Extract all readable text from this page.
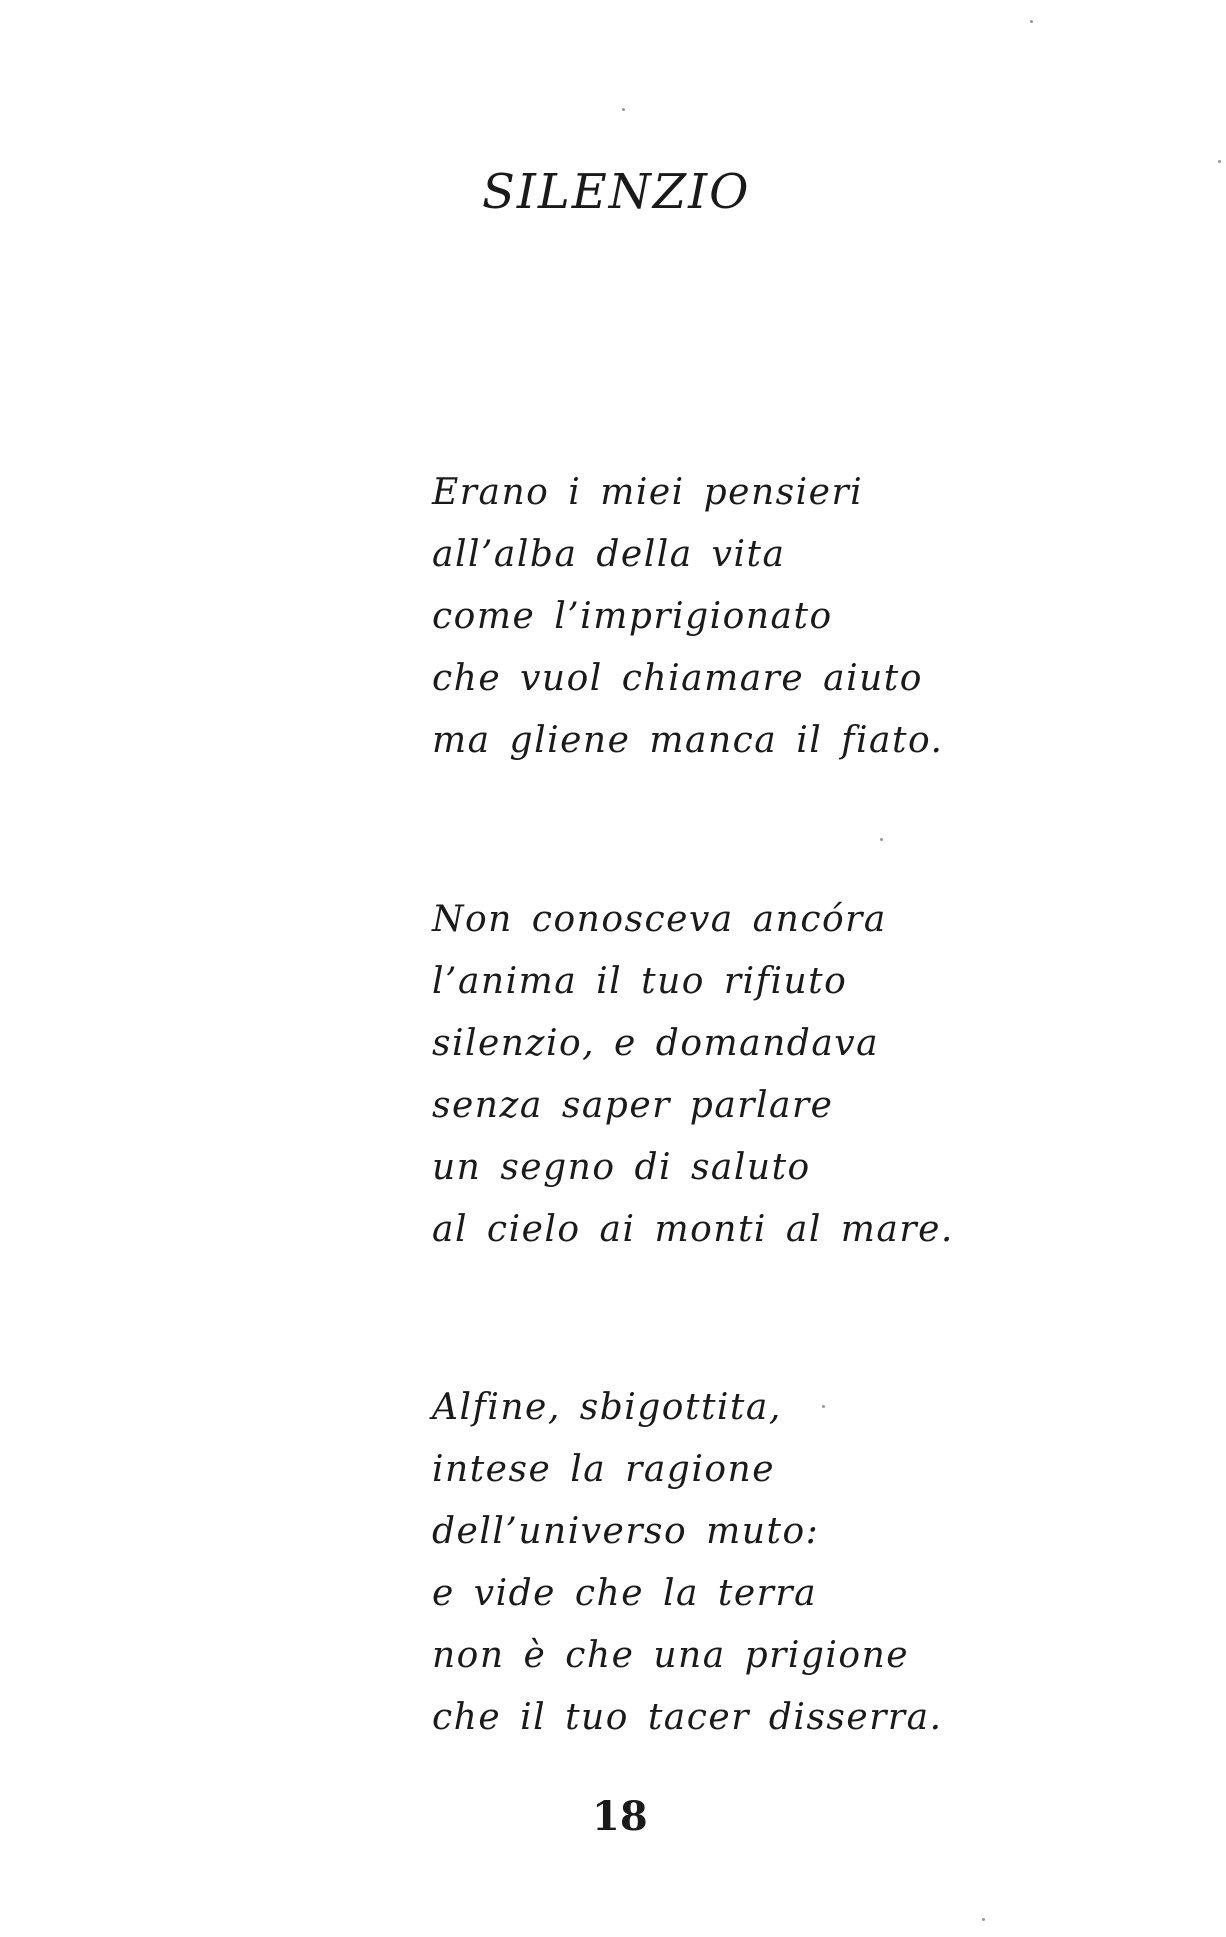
SILENZIO
Erano i miei pensieri
all’alba della vita
come l’imprigionato
che vuol chiamare aiuto
ma gliene manca il fiato.
Non conosceva ancóra
l’anima il tuo rifiuto
silenzio, e domandava
senza saper parlare
un segno di saluto
al cielo ai monti al mare.
Alfine, sbigottita,
intese la ragione
dell’universo muto:
e vide che la terra
non è che una prigione
che il tuo tacer disserra.
18
